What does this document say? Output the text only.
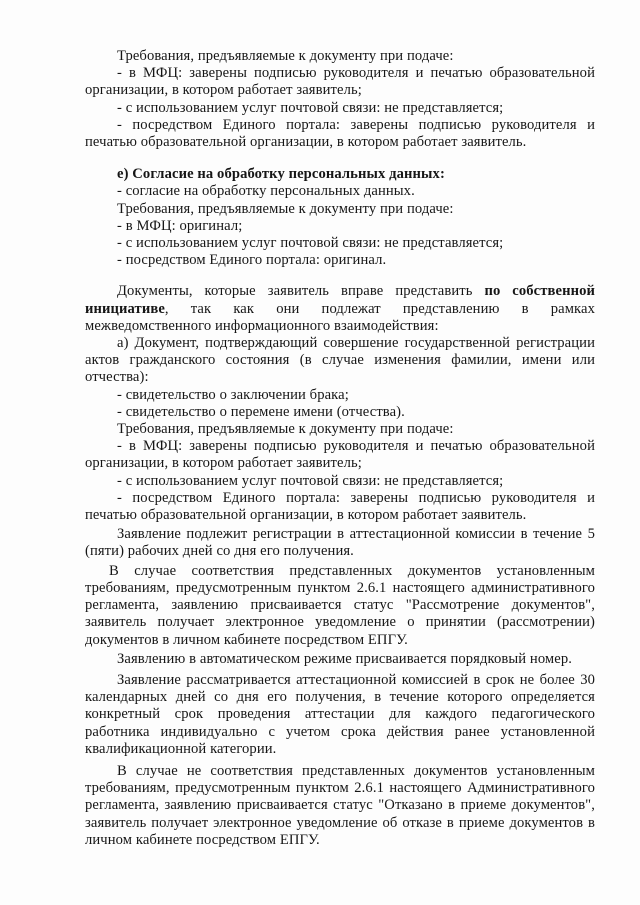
Требования, предъявляемые к документу при подаче:

- в МФЦ: заверены подписью руководителя и печатью образовательной организации, в котором работает заявитель;

- с использованием услуг почтовой связи: не представляется;

- посредством Единого портала: заверены подписью руководителя и печатью образовательной организации, в котором работает заявитель.

е) Согласие на обработку персональных данных:

- согласие на обработку персональных данных.

Требования, предъявляемые к документу при подаче:

- в МФЦ: оригинал;

- с использованием услуг почтовой связи: не представляется;

- посредством Единого портала: оригинал.

Документы, которые заявитель вправе представить по собственной инициативе, так как они подлежат представлению в рамках межведомственного информационного взаимодействия:

а) Документ, подтверждающий совершение государственной регистрации актов гражданского состояния (в случае изменения фамилии, имени или отчества):

- свидетельство о заключении брака;

- свидетельство о перемене имени (отчества).

Требования, предъявляемые к документу при подаче:

- в МФЦ: заверены подписью руководителя и печатью образовательной организации, в котором работает заявитель;

- с использованием услуг почтовой связи: не представляется;

- посредством Единого портала: заверены подписью руководителя и печатью образовательной организации, в котором работает заявитель.

Заявление подлежит регистрации в аттестационной комиссии в течение 5 (пяти) рабочих дней со дня его получения.

В случае соответствия представленных документов установленным требованиям, предусмотренным пунктом 2.6.1 настоящего административного регламента, заявлению присваивается статус "Рассмотрение документов", заявитель получает электронное уведомление о принятии (рассмотрении) документов в личном кабинете посредством ЕПГУ.

Заявлению в автоматическом режиме присваивается порядковый номер.

Заявление рассматривается аттестационной комиссией в срок не более 30 календарных дней со дня его получения, в течение которого определяется конкретный срок проведения аттестации для каждого педагогического работника индивидуально с учетом срока действия ранее установленной квалификационной категории.

В случае не соответствия представленных документов установленным требованиям, предусмотренным пунктом 2.6.1 настоящего Административного регламента, заявлению присваивается статус "Отказано в приеме документов", заявитель получает электронное уведомление об отказе в приеме документов в личном кабинете посредством ЕПГУ.
